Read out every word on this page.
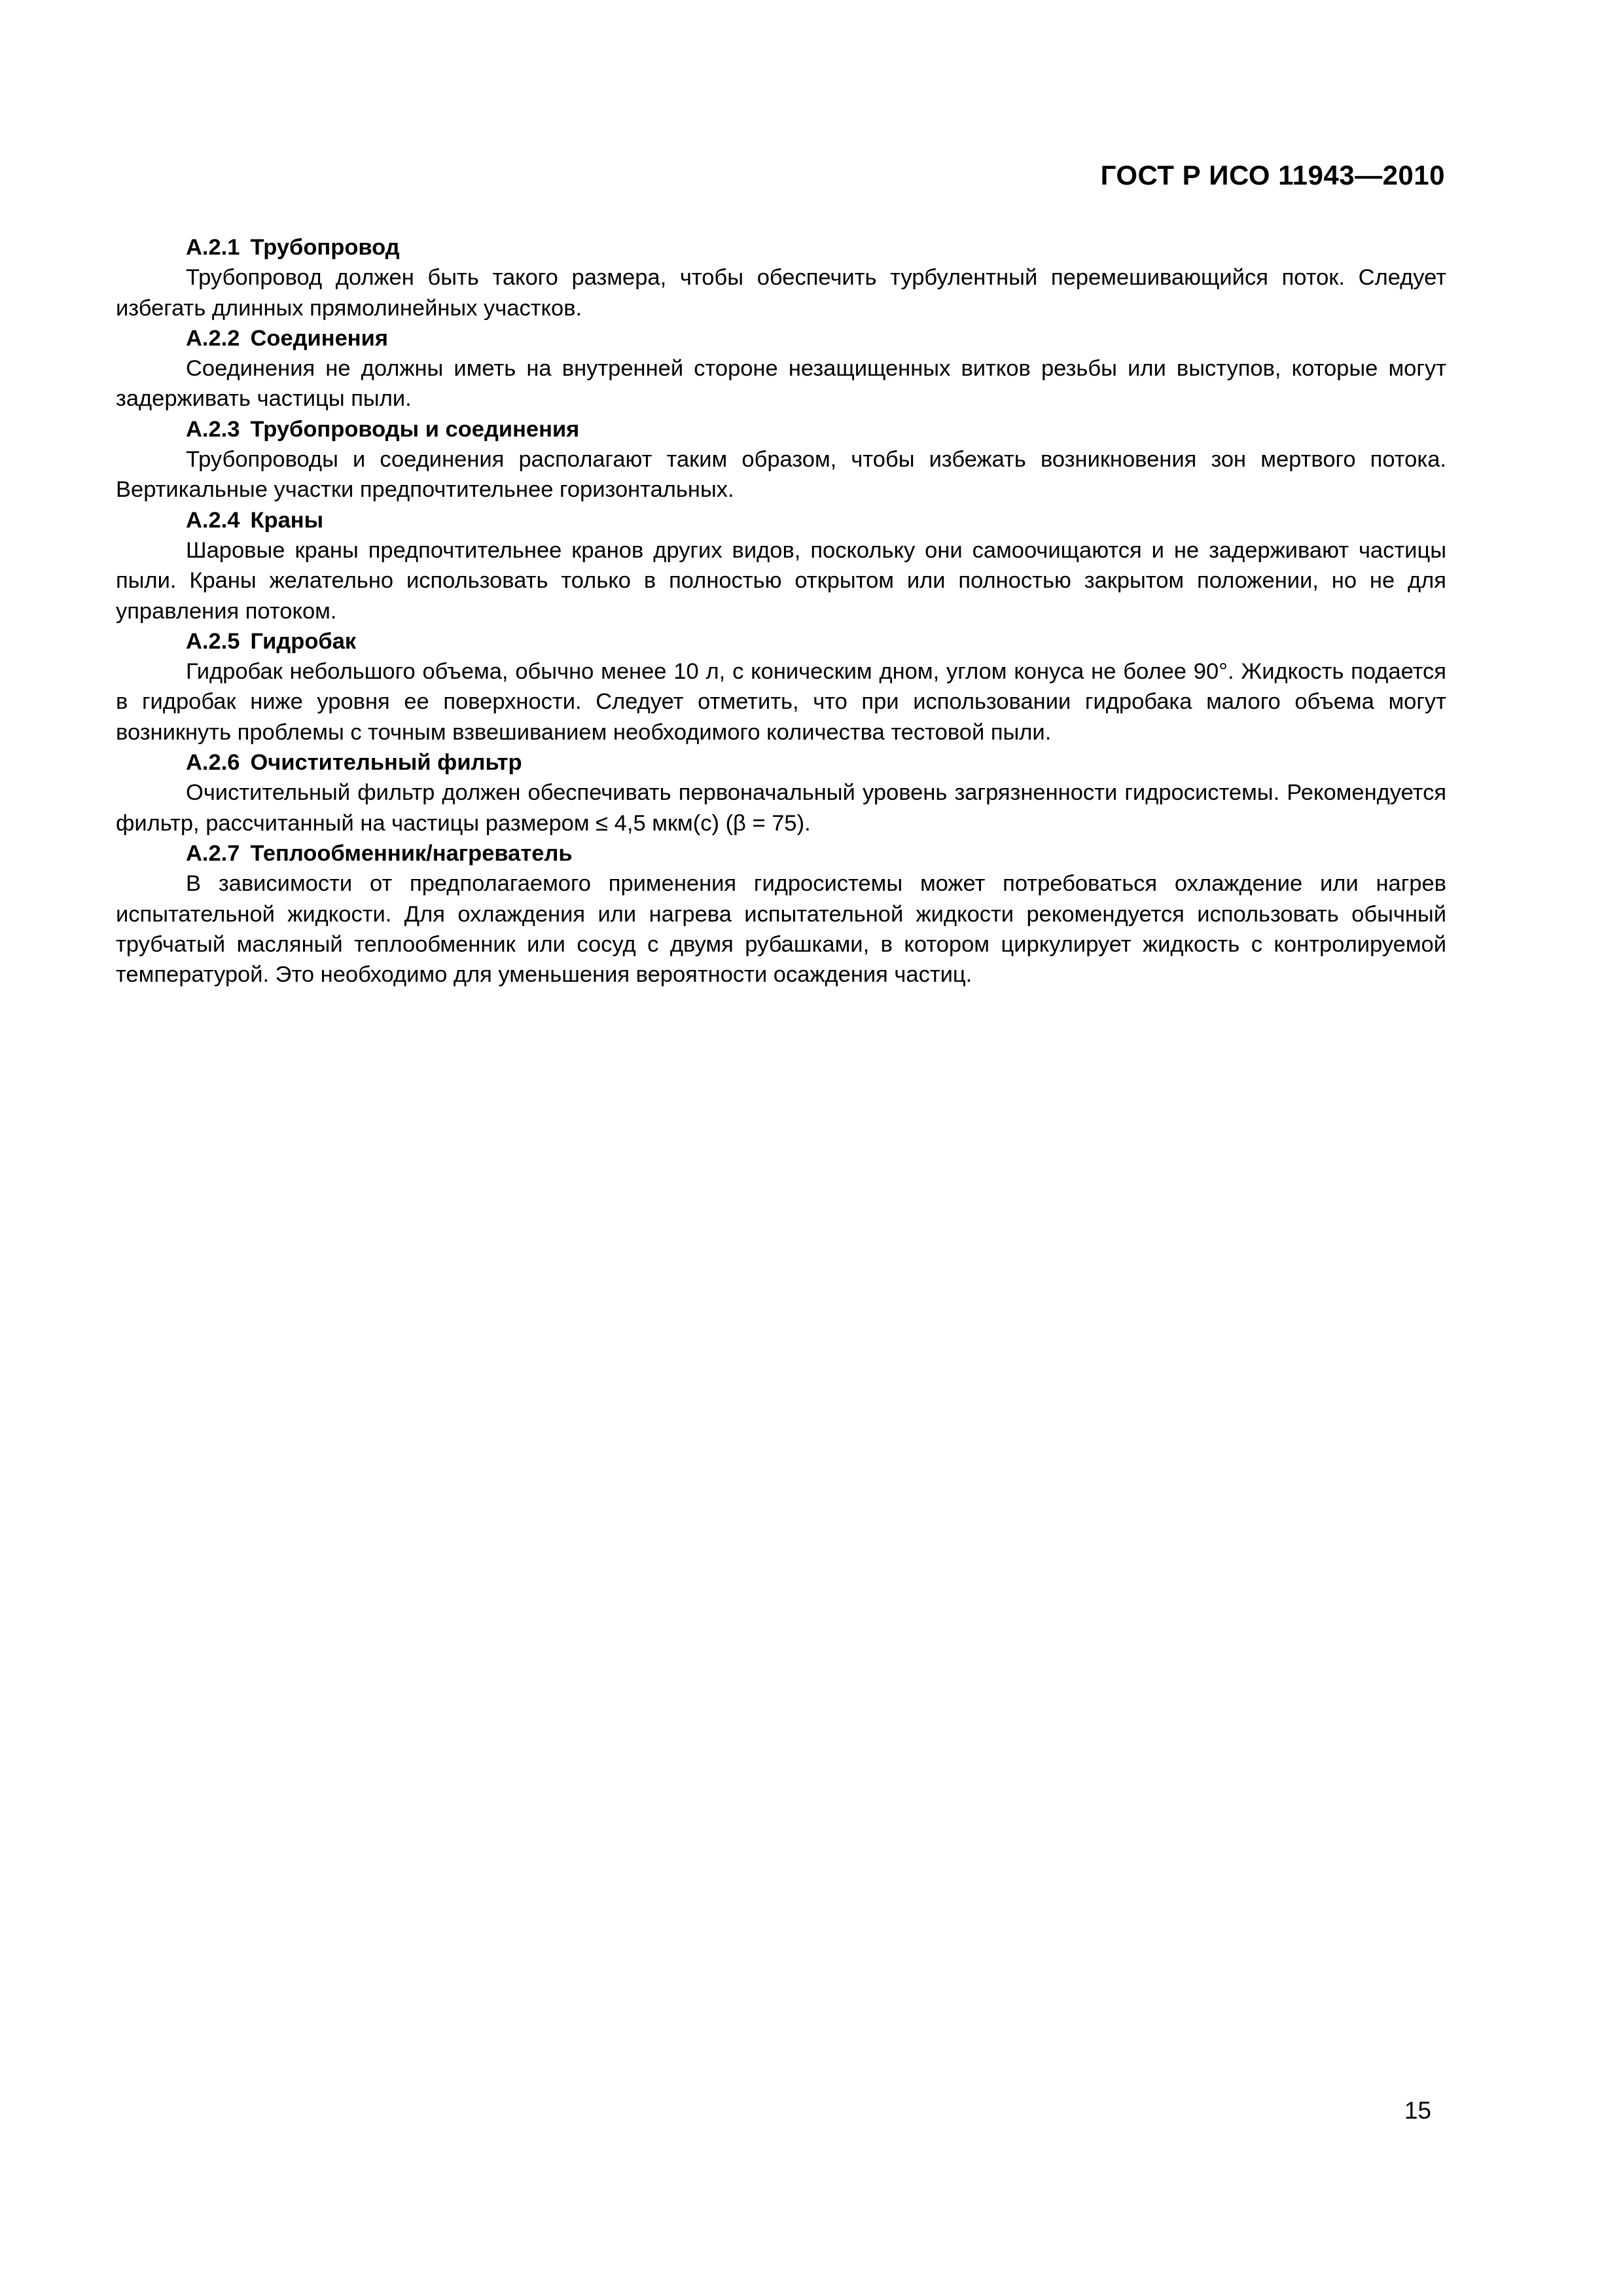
ГОСТ Р ИСО 11943—2010

А.2.1 Трубопровод

Трубопровод должен быть такого размера, чтобы обеспечить турбулентный перемешивающийся поток. Следует избегать длинных прямолинейных участков.

А.2.2 Соединения

Соединения не должны иметь на внутренней стороне незащищенных витков резьбы или выступов, которые могут задерживать частицы пыли.

А.2.3 Трубопроводы и соединения

Трубопроводы и соединения располагают таким образом, чтобы избежать возникновения зон мертвого потока. Вертикальные участки предпочтительнее горизонтальных.

А.2.4 Краны

Шаровые краны предпочтительнее кранов других видов, поскольку они самоочищаются и не задерживают частицы пыли. Краны желательно использовать только в полностью открытом или полностью закрытом положении, но не для управления потоком.

А.2.5 Гидробак

Гидробак небольшого объема, обычно менее 10 л, с коническим дном, углом конуса не более 90°. Жидкость подается в гидробак ниже уровня ее поверхности. Следует отметить, что при использовании гидробака малого объема могут возникнуть проблемы с точным взвешиванием необходимого количества тестовой пыли.

А.2.6 Очистительный фильтр

Очистительный фильтр должен обеспечивать первоначальный уровень загрязненности гидросистемы. Рекомендуется фильтр, рассчитанный на частицы размером ≤ 4,5 мкм(с) (β = 75).

А.2.7 Теплообменник/нагреватель

В зависимости от предполагаемого применения гидросистемы может потребоваться охлаждение или нагрев испытательной жидкости. Для охлаждения или нагрева испытательной жидкости рекомендуется использовать обычный трубчатый масляный теплообменник или сосуд с двумя рубашками, в котором циркулирует жидкость с контролируемой температурой. Это необходимо для уменьшения вероятности осаждения частиц.

15
